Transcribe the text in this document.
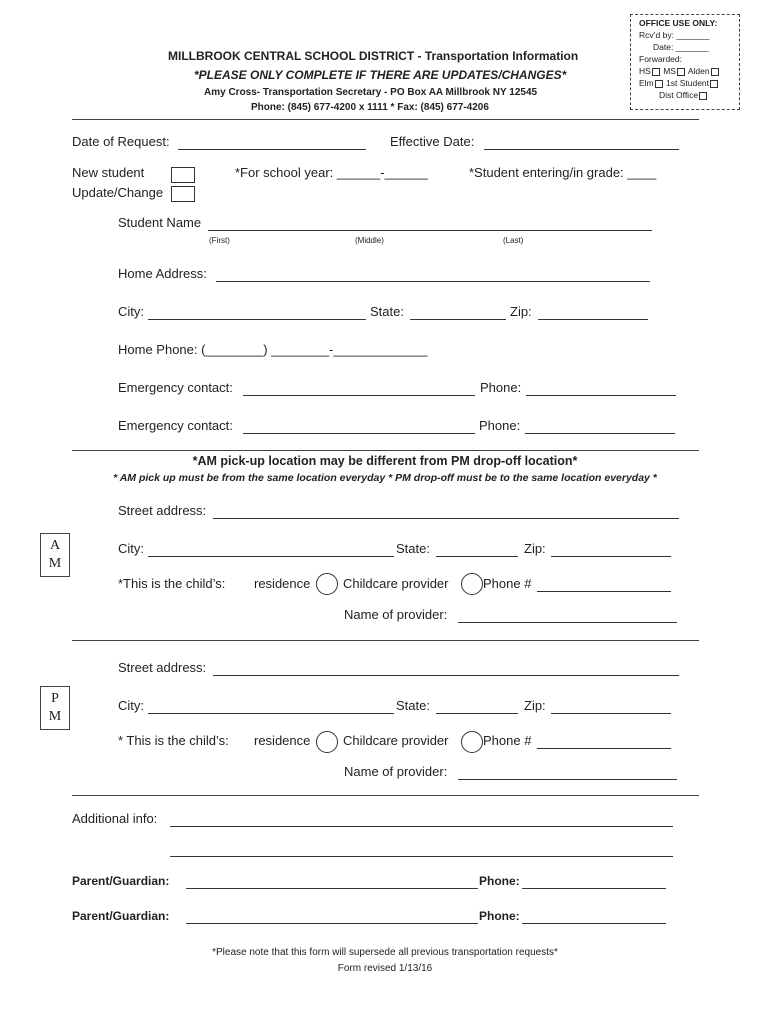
OFFICE USE ONLY:
Rcv’d by: _______
Date: _______
Forwarded:
HS MS Alden
Elm 1st Student
Dist Office
MILLBROOK CENTRAL SCHOOL DISTRICT - Transportation Information
*PLEASE ONLY COMPLETE IF THERE ARE UPDATES/CHANGES*
Amy Cross- Transportation Secretary - PO Box AA Millbrook NY 12545
Phone: (845) 677-4200 x 1111 * Fax: (845) 677-4206
Date of Request:	Effective Date:
New student
Update/Change
*For school year: ______-______	*Student entering/in grade: ____
Student Name
(First)	(Middle)	(Last)
Home Address:
City:	State:	Zip:
Home Phone: (________) ________-_____________
Emergency contact:	Phone:
Emergency contact:	Phone:
*AM pick-up location may be different from PM drop-off location*
* AM pick up must be from the same location everyday * PM drop-off must be to the same location everyday *
A
M
Street address:
City:	State:	Zip:
*This is the child’s: residence	Childcare provider	Phone #
Name of provider:
P
M
Street address:
City:	State:	Zip:
* This is the child’s: residence	Childcare provider	Phone #
Name of provider:
Additional info:
Parent/Guardian:	Phone:
Parent/Guardian:	Phone:
*Please note that this form will supersede all previous transportation requests*
Form revised 1/13/16
